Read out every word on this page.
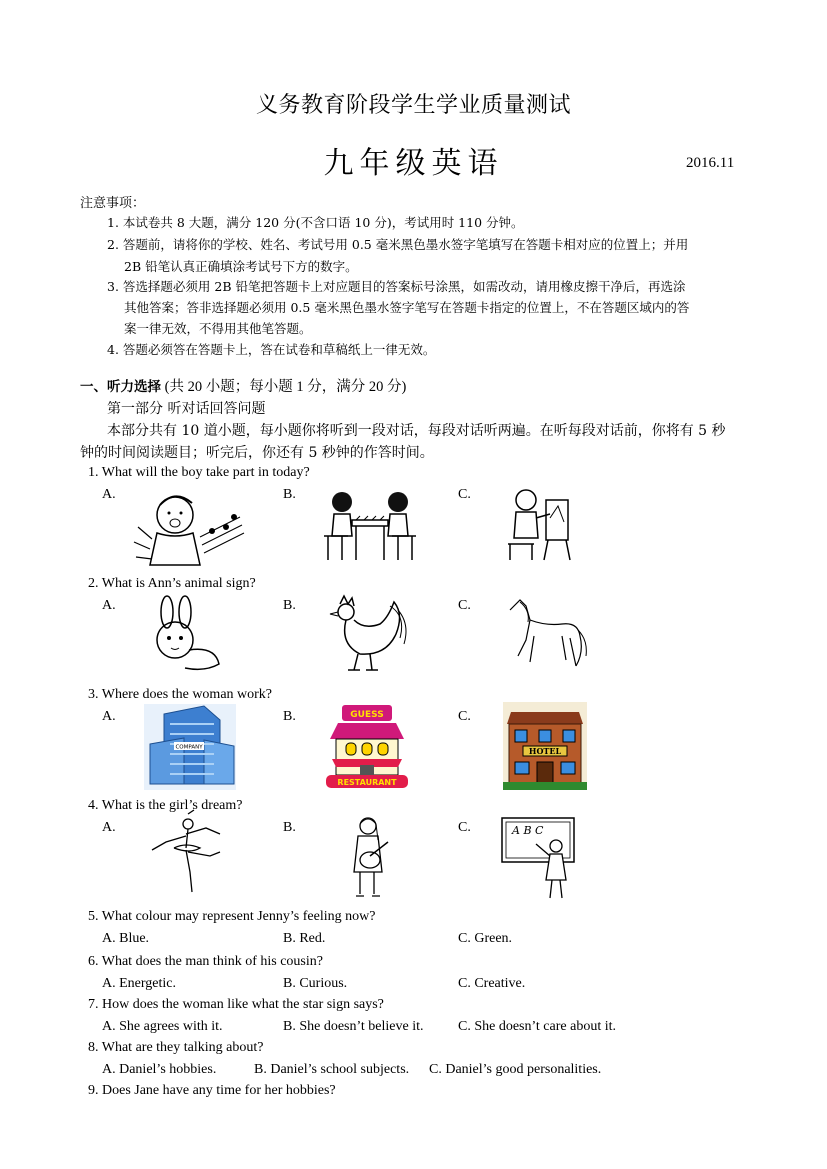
义务教育阶段学生学业质量测试
九年级英语	2016.11
注意事项：
1. 本试卷共 8 大题，满分 120 分(不含口语 10 分)，考试用时 110 分钟。
2. 答题前，请将你的学校、姓名、考试号用 0.5 毫米黑色墨水签字笔填写在答题卡相对应的位置上；并用
2B 铅笔认真正确填涂考试号下方的数字。
3. 答选择题必须用 2B 铅笔把答题卡上对应题目的答案标号涂黑，如需改动，请用橡皮擦干净后，再选涂
其他答案；答非选择题必须用 0.5 毫米黑色墨水签字笔写在答题卡指定的位置上，不在答题区域内的答
案一律无效，不得用其他笔答题。
4. 答题必须答在答题卡上，答在试卷和草稿纸上一律无效。
一、听力选择 (共 20 小题；每小题 1 分，满分 20 分)
第一部分 听对话回答问题
本部分共有 10 道小题，每小题你将听到一段对话，每段对话听两遍。在听每段对话前，你将有 5 秒
钟的时间阅读题目；听完后，你还有 5 秒钟的作答时间。
1. What will the boy take part in today?
A.	B.	C.
2. What is Ann’s animal sign?
A.	B.	C.
3. Where does the woman work?
A.	B.	C.
COMPANY
GUESS
RESTAURANT
HOTEL
4. What is the girl’s dream?
A.	B.	C.	A B C
5. What colour may represent Jenny’s feeling now?
A. Blue.	B. Red.	C. Green.
6. What does the man think of his cousin?
A. Energetic.	B. Curious.	C. Creative.
7. How does the woman like what the star sign says?
A. She agrees with it.	B. She doesn’t believe it. C. She doesn’t care about it.
8. What are they talking about?
A. Daniel’s hobbies.	B. Daniel’s school subjects. C. Daniel’s good personalities.
9. Does Jane have any time for her hobbies?
